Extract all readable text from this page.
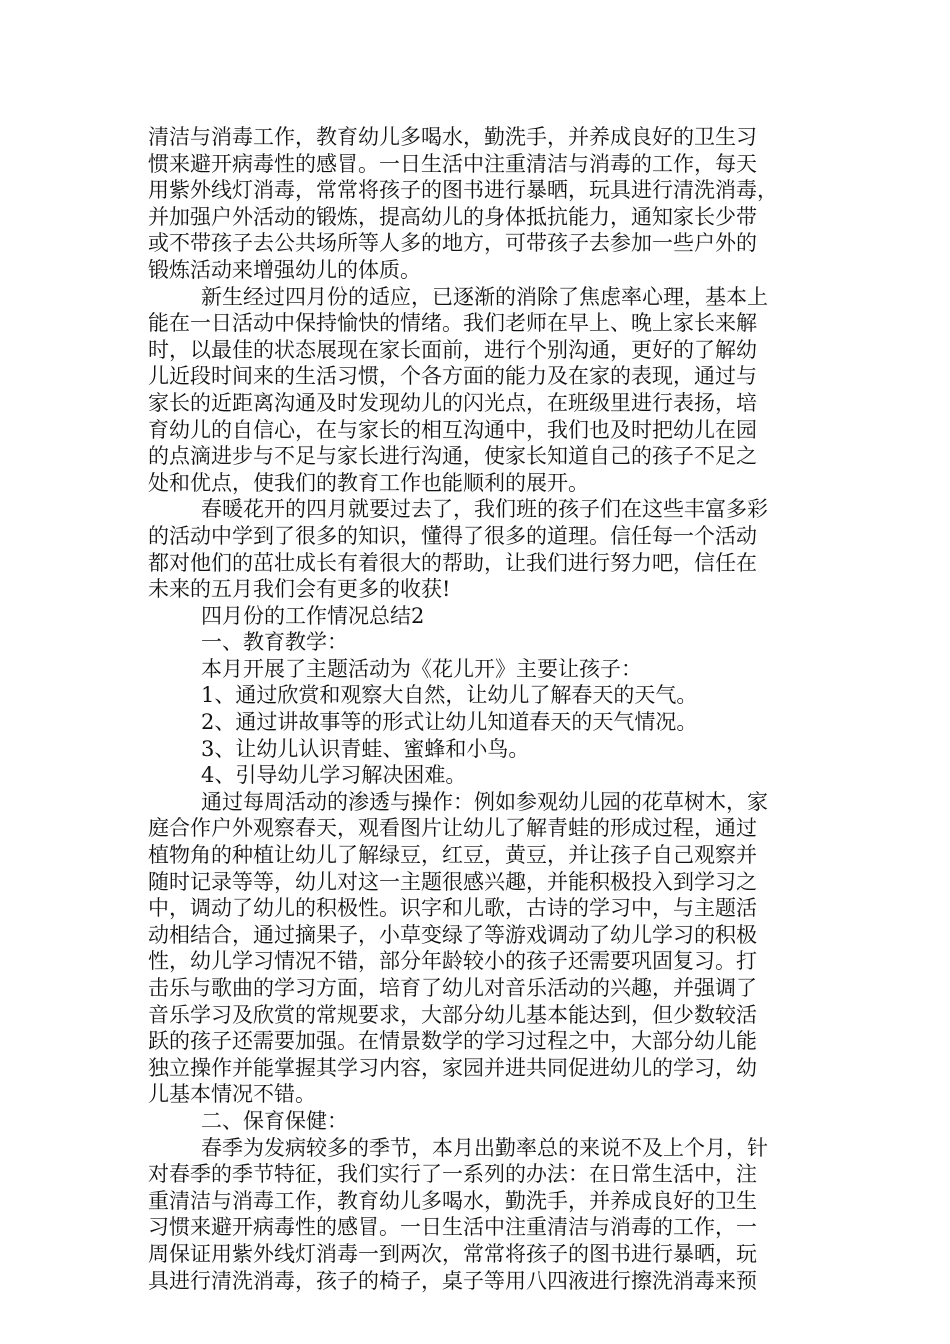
清洁与消毒工作，教育幼儿多喝水，勤洗手，并养成良好的卫生习
惯来避开病毒性的感冒。一日生活中注重清洁与消毒的工作，每天
用紫外线灯消毒，常常将孩子的图书进行暴晒，玩具进行清洗消毒，
并加强户外活动的锻炼，提高幼儿的身体抵抗能力，通知家长少带
或不带孩子去公共场所等人多的地方，可带孩子去参加一些户外的
锻炼活动来增强幼儿的体质。
新生经过四月份的适应，已逐渐的消除了焦虑率心理，基本上
能在一日活动中保持愉快的情绪。我们老师在早上、晚上家长来解
时，以最佳的状态展现在家长面前，进行个别沟通，更好的了解幼
儿近段时间来的生活习惯，个各方面的能力及在家的表现，通过与
家长的近距离沟通及时发现幼儿的闪光点，在班级里进行表扬，培
育幼儿的自信心，在与家长的相互沟通中，我们也及时把幼儿在园
的点滴进步与不足与家长进行沟通，使家长知道自己的孩子不足之
处和优点，使我们的教育工作也能顺利的展开。
春暖花开的四月就要过去了，我们班的孩子们在这些丰富多彩
的活动中学到了很多的知识，懂得了很多的道理。信任每一个活动
都对他们的茁壮成长有着很大的帮助，让我们进行努力吧，信任在
未来的五月我们会有更多的收获!
四月份的工作情况总结2
一、教育教学：
本月开展了主题活动为《花儿开》主要让孩子：
1、通过欣赏和观察大自然，让幼儿了解春天的天气。
2、通过讲故事等的形式让幼儿知道春天的天气情况。
3、让幼儿认识青蛙、蜜蜂和小鸟。
4、引导幼儿学习解决困难。
通过每周活动的渗透与操作：例如参观幼儿园的花草树木，家
庭合作户外观察春天，观看图片让幼儿了解青蛙的形成过程，通过
植物角的种植让幼儿了解绿豆，红豆，黄豆，并让孩子自己观察并
随时记录等等，幼儿对这一主题很感兴趣，并能积极投入到学习之
中，调动了幼儿的积极性。识字和儿歌，古诗的学习中，与主题活
动相结合，通过摘果子，小草变绿了等游戏调动了幼儿学习的积极
性，幼儿学习情况不错，部分年龄较小的孩子还需要巩固复习。打
击乐与歌曲的学习方面，培育了幼儿对音乐活动的兴趣，并强调了
音乐学习及欣赏的常规要求，大部分幼儿基本能达到，但少数较活
跃的孩子还需要加强。在情景数学的学习过程之中，大部分幼儿能
独立操作并能掌握其学习内容，家园并进共同促进幼儿的学习，幼
儿基本情况不错。
二、保育保健：
春季为发病较多的季节，本月出勤率总的来说不及上个月，针
对春季的季节特征，我们实行了一系列的办法：在日常生活中，注
重清洁与消毒工作，教育幼儿多喝水，勤洗手，并养成良好的卫生
习惯来避开病毒性的感冒。一日生活中注重清洁与消毒的工作，一
周保证用紫外线灯消毒一到两次，常常将孩子的图书进行暴晒，玩
具进行清洗消毒，孩子的椅子，桌子等用八四液进行擦洗消毒来预
